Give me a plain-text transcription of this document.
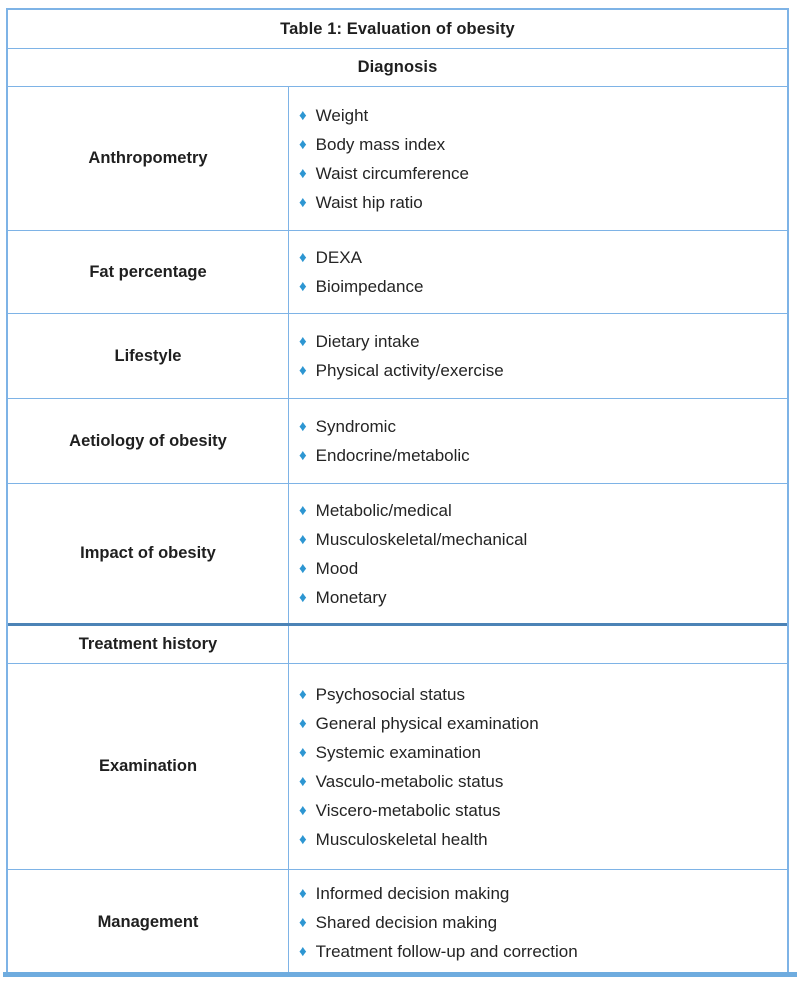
Table 1: Evaluation of obesity
Diagnosis
Anthropometry
♦ Weight
♦ Body mass index
♦ Waist circumference
♦ Waist hip ratio
Fat percentage
♦ DEXA
♦ Bioimpedance
Lifestyle
♦ Dietary intake
♦ Physical activity/exercise
Aetiology of obesity
♦ Syndromic
♦ Endocrine/metabolic
Impact of obesity
♦ Metabolic/medical
♦ Musculoskeletal/mechanical
♦ Mood
♦ Monetary
Treatment history
Examination
♦ Psychosocial status
♦ General physical examination
♦ Systemic examination
♦ Vasculo-metabolic status
♦ Viscero-metabolic status
♦ Musculoskeletal health
Management
♦ Informed decision making
♦ Shared decision making
♦ Treatment follow-up and correction
